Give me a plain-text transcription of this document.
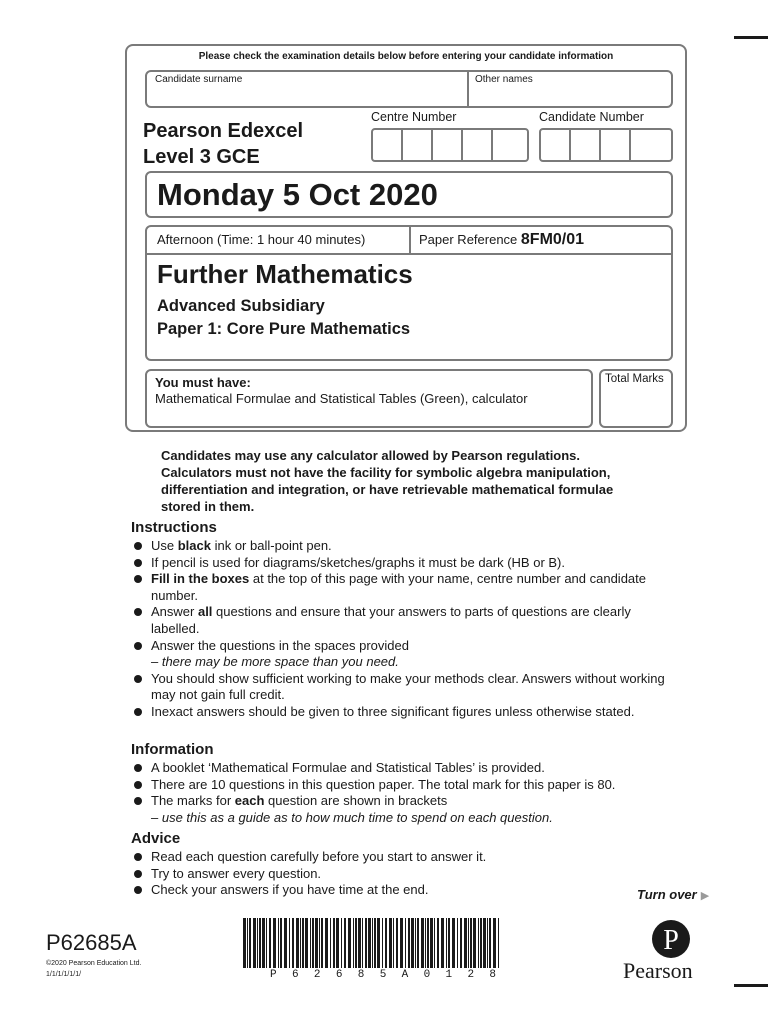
Please check the examination details below before entering your candidate information
Candidate surname	Other names
Pearson Edexcel
Level 3 GCE
Centre Number	Candidate Number
Monday 5 Oct 2020
Afternoon (Time: 1 hour 40 minutes)	Paper Reference 8FM0/01
Further Mathematics
Advanced Subsidiary
Paper 1: Core Pure Mathematics
You must have:
Mathematical Formulae and Statistical Tables (Green), calculator
Total Marks
Candidates may use any calculator allowed by Pearson regulations. Calculators must not have the facility for symbolic algebra manipulation, differentiation and integration, or have retrievable mathematical formulae stored in them.
Instructions
Use black ink or ball-point pen.
If pencil is used for diagrams/sketches/graphs it must be dark (HB or B).
Fill in the boxes at the top of this page with your name, centre number and candidate number.
Answer all questions and ensure that your answers to parts of questions are clearly labelled.
Answer the questions in the spaces provided
– there may be more space than you need.
You should show sufficient working to make your methods clear. Answers without working may not gain full credit.
Inexact answers should be given to three significant figures unless otherwise stated.
Information
A booklet ‘Mathematical Formulae and Statistical Tables’ is provided.
There are 10 questions in this question paper. The total mark for this paper is 80.
The marks for each question are shown in brackets
– use this as a guide as to how much time to spend on each question.
Advice
Read each question carefully before you start to answer it.
Try to answer every question.
Check your answers if you have time at the end.	Turn over ▶
P62685A
©2020 Pearson Education Ltd.
1/1/1/1/1/1/	P 6 2 6 8 5 A 0 1 2 8
P
Pearson
